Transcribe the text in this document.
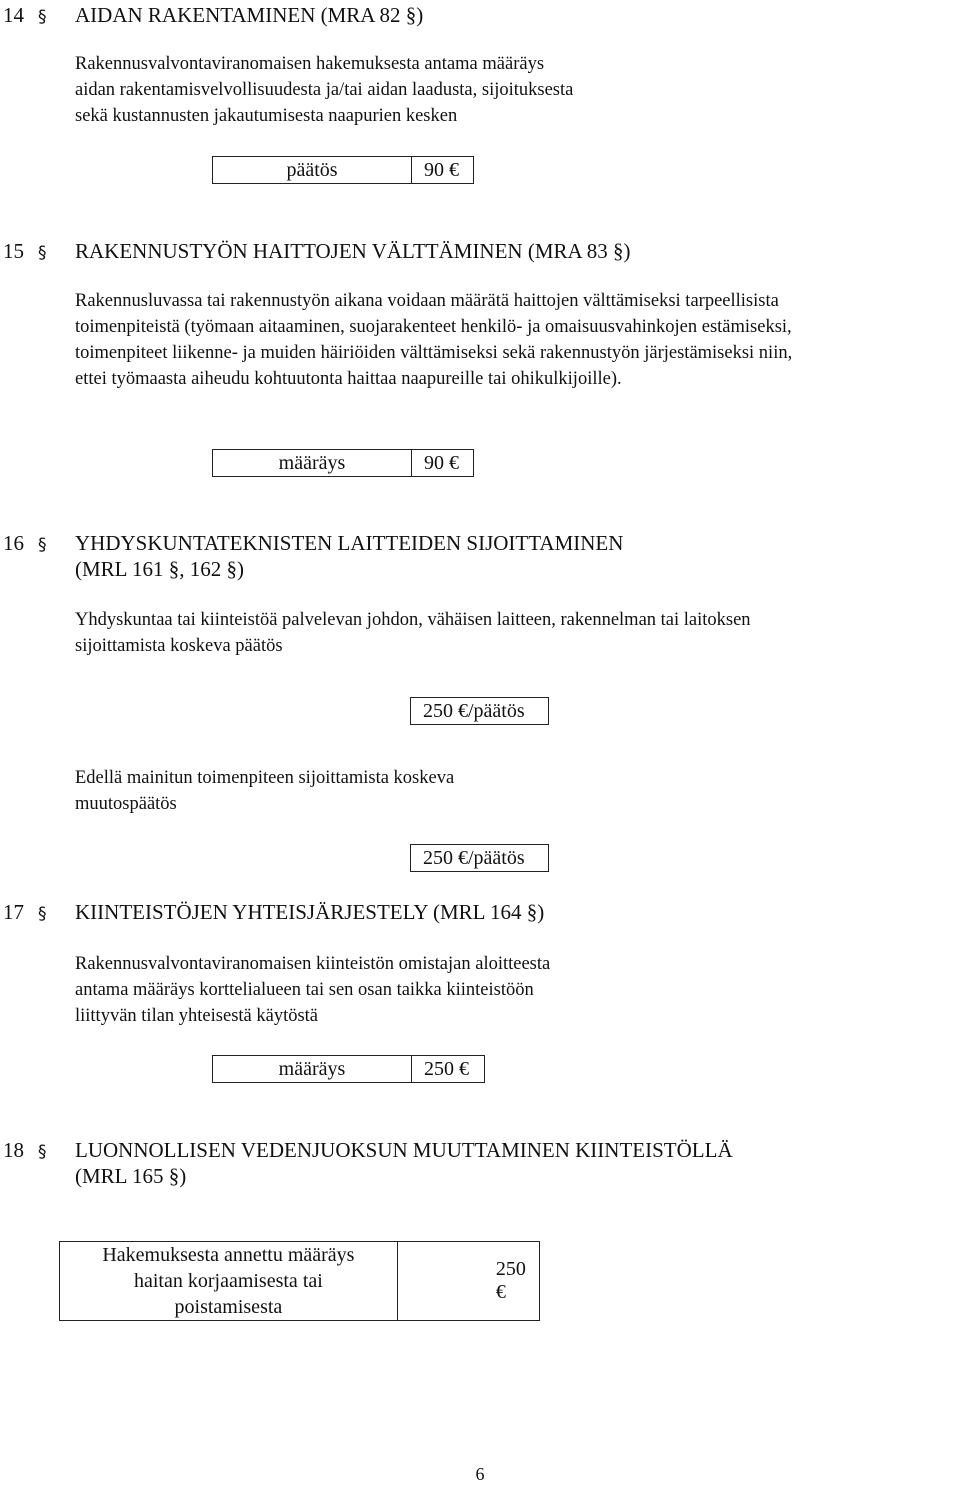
14 § AIDAN RAKENTAMINEN (MRA 82 §)
Rakennusvalvontaviranomaisen hakemuksesta antama määräys
aidan rakentamisvelvollisuudesta ja/tai aidan laadusta, sijoituksesta
sekä kustannusten jakautumisesta naapurien kesken
päätös	90 €
15 § RAKENNUSTYÖN HAITTOJEN VÄLTTÄMINEN (MRA 83 §)
Rakennusluvassa tai rakennustyön aikana voidaan määrätä haittojen välttämiseksi tarpeellisista
toimenpiteistä (työmaan aitaaminen, suojarakenteet henkilö- ja omaisuusvahinkojen estämiseksi,
toimenpiteet liikenne- ja muiden häiriöiden välttämiseksi sekä rakennustyön järjestämiseksi niin,
ettei työmaasta aiheudu kohtuutonta haittaa naapureille tai ohikulkijoille).
määräys	90 €
16 § YHDYSKUNTATEKNISTEN LAITTEIDEN SIJOITTAMINEN
(MRL 161 §, 162 §)
Yhdyskuntaa tai kiinteistöä palvelevan johdon, vähäisen laitteen, rakennelman tai laitoksen
sijoittamista koskeva päätös
250 €/päätös
Edellä mainitun toimenpiteen sijoittamista koskeva
muutospäätös
250 €/päätös
17 § KIINTEISTÖJEN YHTEISJÄRJESTELY (MRL 164 §)
Rakennusvalvontaviranomaisen kiinteistön omistajan aloitteesta
antama määräys korttelialueen tai sen osan taikka kiinteistöön
liittyvän tilan yhteisestä käytöstä
määräys	250 €
18 § LUONNOLLISEN VEDENJUOKSUN MUUTTAMINEN KIINTEISTÖLLÄ
(MRL 165 §)
Hakemuksesta annettu määräys
haitan korjaamisesta tai
poistamisesta
250 €
6
